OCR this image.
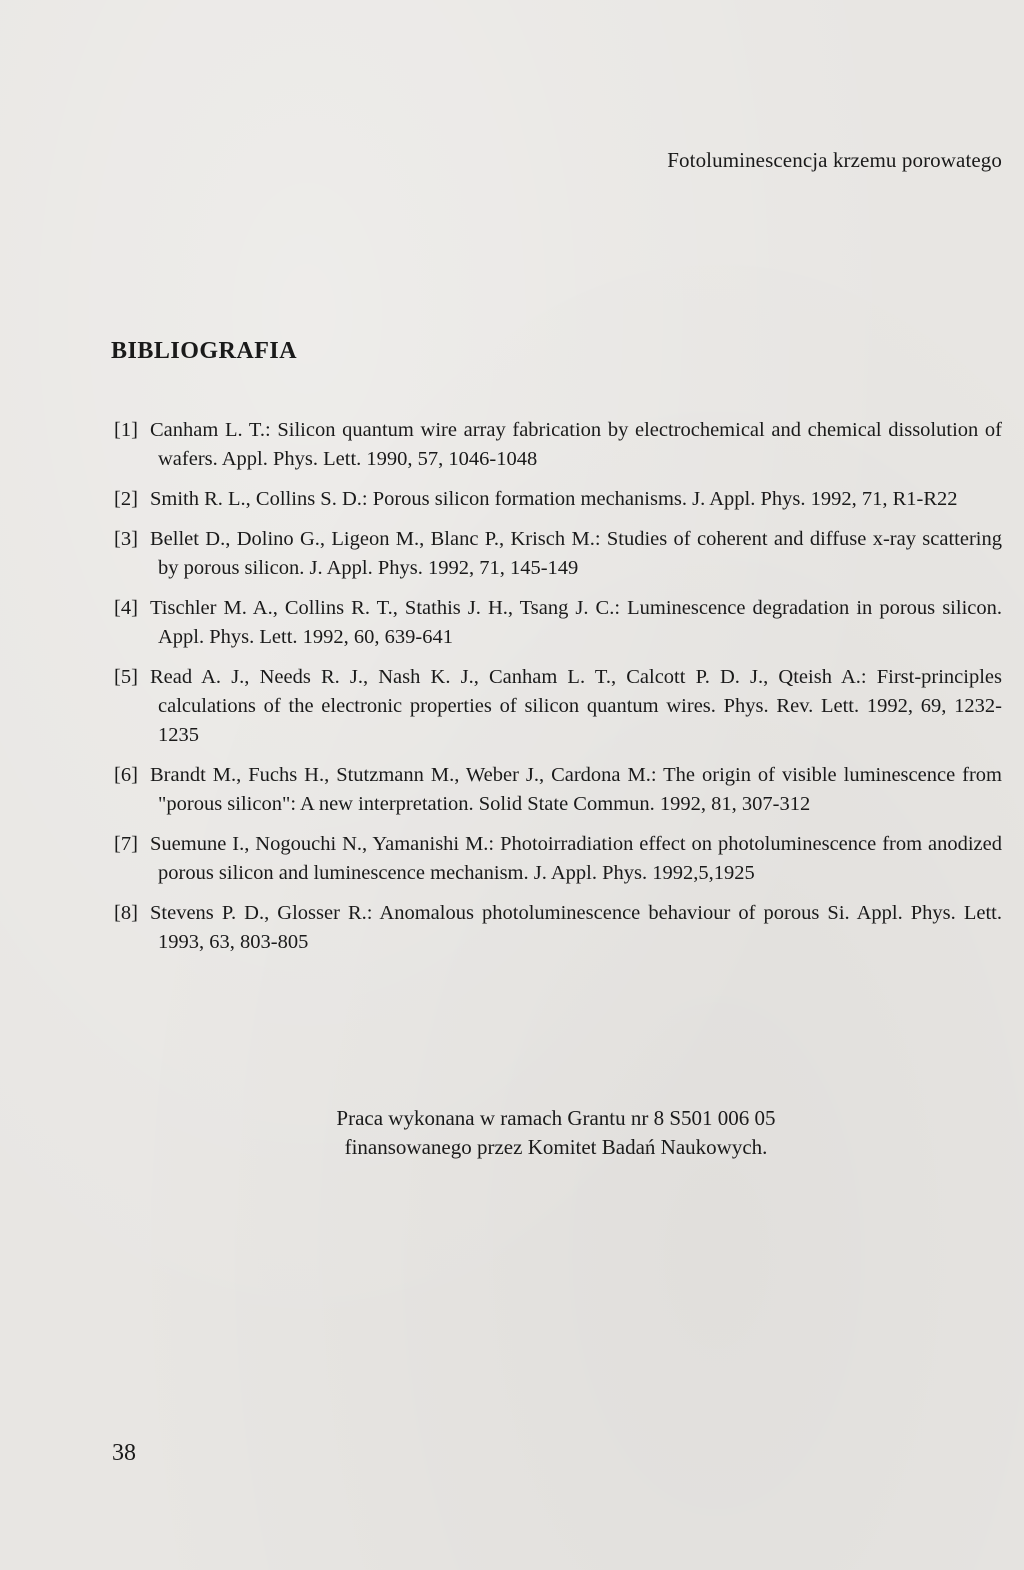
Fotoluminescencja krzemu porowatego
BIBLIOGRAFIA
[1] Canham L. T.: Silicon quantum wire array fabrication by electrochemical and chemical dissolution of wafers. Appl. Phys. Lett. 1990, 57, 1046-1048
[2] Smith R. L., Collins S. D.: Porous silicon formation mechanisms. J. Appl. Phys. 1992, 71, R1-R22
[3] Bellet D., Dolino G., Ligeon M., Blanc P., Krisch M.: Studies of coherent and diffuse x-ray scattering by porous silicon. J. Appl. Phys. 1992, 71, 145-149
[4] Tischler M. A., Collins R. T., Stathis J. H., Tsang J. C.: Luminescence degradation in porous silicon. Appl. Phys. Lett. 1992, 60, 639-641
[5] Read A. J., Needs R. J., Nash K. J., Canham L. T., Calcott P. D. J., Qteish A.: First-principles calculations of the electronic properties of silicon quantum wires. Phys. Rev. Lett. 1992, 69, 1232-1235
[6] Brandt M., Fuchs H., Stutzmann M., Weber J., Cardona M.: The origin of visible luminescence from "porous silicon": A new interpretation. Solid State Commun. 1992, 81, 307-312
[7] Suemune I., Nogouchi N., Yamanishi M.: Photoirradiation effect on photoluminescence from anodized porous silicon and luminescence mechanism. J. Appl. Phys. 1992,5,1925
[8] Stevens P. D., Glosser R.: Anomalous photoluminescence behaviour of porous Si. Appl. Phys. Lett. 1993, 63, 803-805
Praca wykonana w ramach Grantu nr 8 S501 006 05
finansowanego przez Komitet Badań Naukowych.
38
